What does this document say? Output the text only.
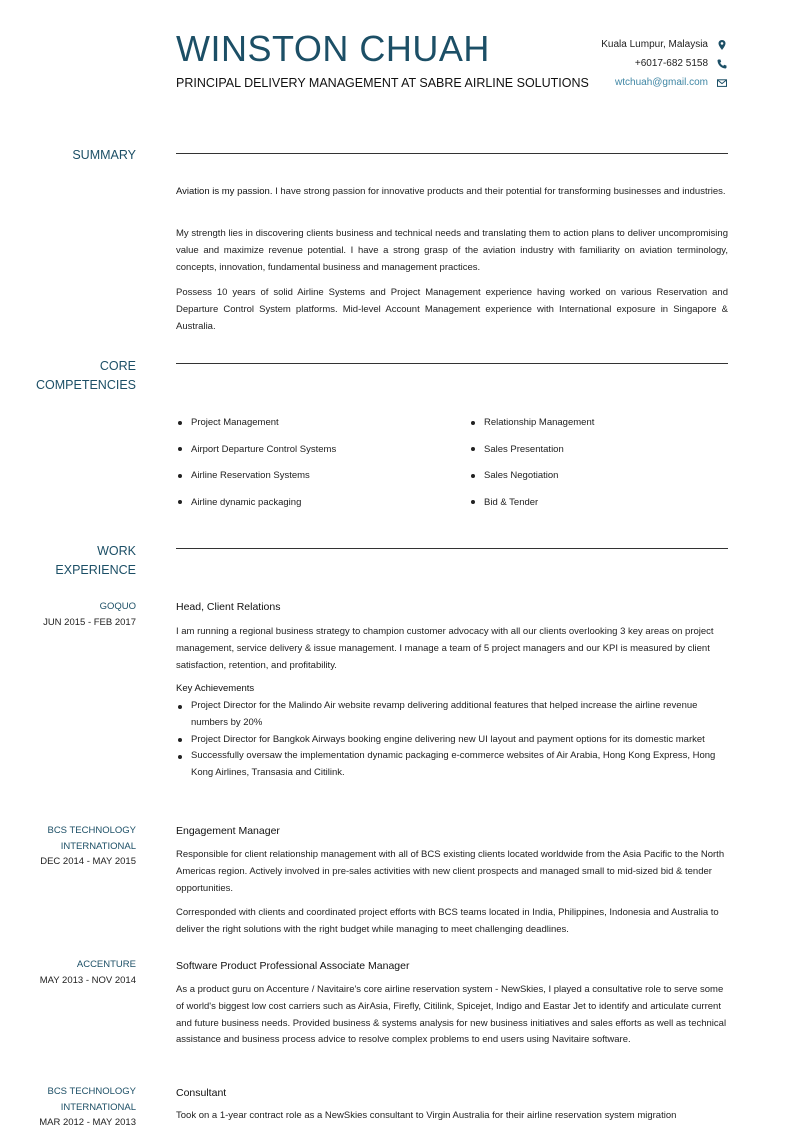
WINSTON CHUAH

PRINCIPAL DELIVERY MANAGEMENT AT SABRE AIRLINE SOLUTIONS

Kuala Lumpur, Malaysia
+6017-682 5158
wtchuah@gmail.com

SUMMARY

Aviation is my passion. I have strong passion for innovative products and their potential for transforming businesses and industries.

My strength lies in discovering clients business and technical needs and translating them to action plans to deliver uncompromising value and maximize revenue potential. I have a strong grasp of the aviation industry with familiarity on aviation terminology, concepts, innovation, fundamental business and management practices.

Possess 10 years of solid Airline Systems and Project Management experience having worked on various Reservation and Departure Control System platforms. Mid-level Account Management experience with International exposure in Singapore & Australia.

CORE
COMPETENCIES

Project Management
Airport Departure Control Systems
Airline Reservation Systems
Airline dynamic packaging
Relationship Management
Sales Presentation
Sales Negotiation
Bid & Tender

WORK
EXPERIENCE

GOQUO
JUN 2015 - FEB 2017

Head, Client Relations

I am running a regional business strategy to champion customer advocacy with all our clients overlooking 3 key areas on project management, service delivery & issue management. I manage a team of 5 project managers and our KPI is measured by client satisfaction, retention, and profitability.

Key Achievements

Project Director for the Malindo Air website revamp delivering additional features that helped increase the airline revenue numbers by 20%
Project Director for Bangkok Airways booking engine delivering new UI layout and payment options for its domestic market
Successfully oversaw the implementation dynamic packaging e-commerce websites of Air Arabia, Hong Kong Express, Hong Kong Airlines, Transasia and Citilink.
BCS TECHNOLOGY
INTERNATIONAL
DEC 2014 - MAY 2015

Engagement Manager

Responsible for client relationship management with all of BCS existing clients located worldwide from the Asia Pacific to the North Americas region. Actively involved in pre-sales activities with new client prospects and managed small to mid-sized bid & tender opportunities.

Corresponded with clients and coordinated project efforts with BCS teams located in India, Philippines, Indonesia and Australia to deliver the right solutions with the right budget while managing to meet challenging deadlines.

ACCENTURE
MAY 2013 - NOV 2014

Software Product Professional Associate Manager

As a product guru on Accenture / Navitaire's core airline reservation system - NewSkies, I played a consultative role to serve some of world's biggest low cost carriers such as AirAsia, Firefly, Citilink, Spicejet, Indigo and Eastar Jet to identify and articulate current and future business needs. Provided business & systems analysis for new business initiatives and sales efforts as well as technical assistance and business process advice to resolve complex problems to end users using Navitaire software.

BCS TECHNOLOGY
INTERNATIONAL
MAR 2012 - MAY 2013

Consultant

Took on a 1-year contract role as a NewSkies consultant to Virgin Australia for their airline reservation system migration
